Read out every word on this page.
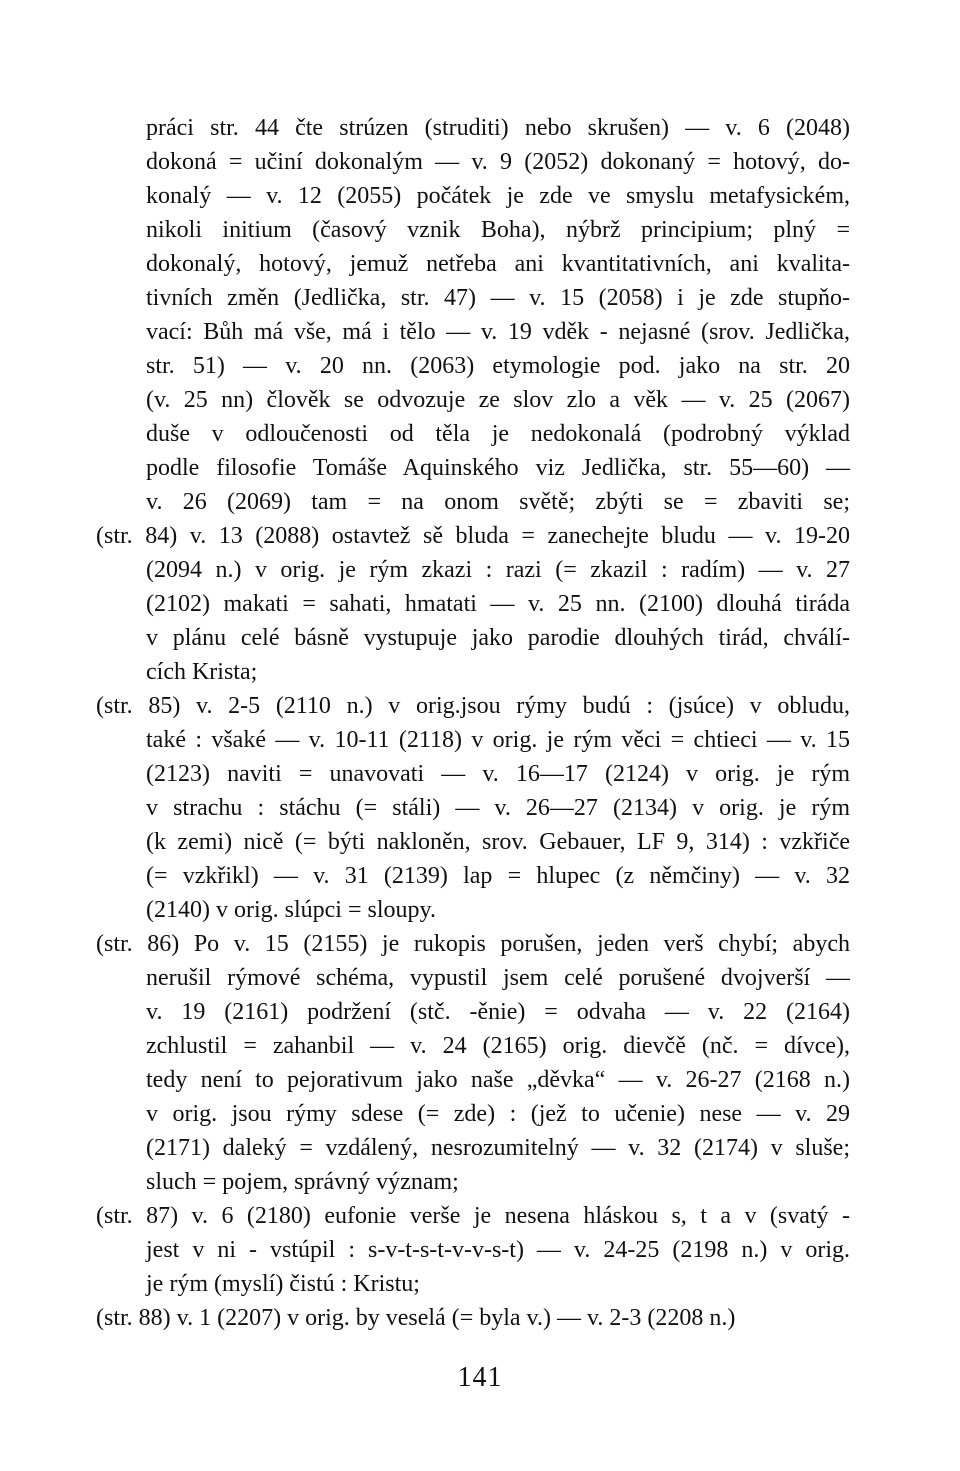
práci str. 44 čte strúzen (struditi) nebo skrušen) — v. 6 (2048)
dokoná = učiní dokonalým — v. 9 (2052) dokonaný = hotový, do-
konalý — v. 12 (2055) počátek je zde ve smyslu metafysickém,
nikoli initium (časový vznik Boha), nýbrž principium; plný =
dokonalý, hotový, jemuž netřeba ani kvantitativních, ani kvalita-
tivních změn (Jedlička, str. 47) — v. 15 (2058) i je zde stupňo-
vací: Bůh má vše, má i tělo — v. 19 vděk - nejasné (srov. Jedlička,
str. 51) — v. 20 nn. (2063) etymologie pod. jako na str. 20
(v. 25 nn) člověk se odvozuje ze slov zlo a věk — v. 25 (2067)
duše v odloučenosti od těla je nedokonalá (podrobný výklad
podle filosofie Tomáše Aquinského viz Jedlička, str. 55—60) —
v. 26 (2069) tam = na onom světě; zbýti se = zbaviti se;
(str. 84) v. 13 (2088) ostavtež sě bluda = zanechejte bludu — v. 19-20
(2094 n.) v orig. je rým zkazi : razi (= zkazil : radím) — v. 27
(2102) makati = sahati, hmatati — v. 25 nn. (2100) dlouhá tiráda
v plánu celé básně vystupuje jako parodie dlouhých tirád, chválí-
cích Krista;
(str. 85) v. 2-5 (2110 n.) v orig.jsou rýmy budú : (jsúce) v obludu,
také : všaké — v. 10-11 (2118) v orig. je rým věci = chtieci — v. 15
(2123) naviti = unavovati — v. 16—17 (2124) v orig. je rým
v strachu : stáchu (= stáli) — v. 26—27 (2134) v orig. je rým
(k zemi) nicě (= býti nakloněn, srov. Gebauer, LF 9, 314) : vzkřiče
(= vzkřikl) — v. 31 (2139) lap = hlupec (z němčiny) — v. 32
(2140) v orig. slúpci = sloupy.
(str. 86) Po v. 15 (2155) je rukopis porušen, jeden verš chybí; abych
nerušil rýmové schéma, vypustil jsem celé porušené dvojverší —
v. 19 (2161) podržení (stč. -ěnie) = odvaha — v. 22 (2164)
zchlustil = zahanbil — v. 24 (2165) orig. dievčě (nč. = dívce),
tedy není to pejorativum jako naše „děvka“ — v. 26-27 (2168 n.)
v orig. jsou rýmy sdese (= zde) : (jež to učenie) nese — v. 29
(2171) daleký = vzdálený, nesrozumitelný — v. 32 (2174) v sluše;
sluch = pojem, správný význam;
(str. 87) v. 6 (2180) eufonie verše je nesena hláskou s, t a v (svatý -
jest v ni - vstúpil : s-v-t-s-t-v-v-s-t) — v. 24-25 (2198 n.) v orig.
je rým (myslí) čistú : Kristu;
(str. 88) v. 1 (2207) v orig. by veselá (= byla v.) — v. 2-3 (2208 n.)
141
